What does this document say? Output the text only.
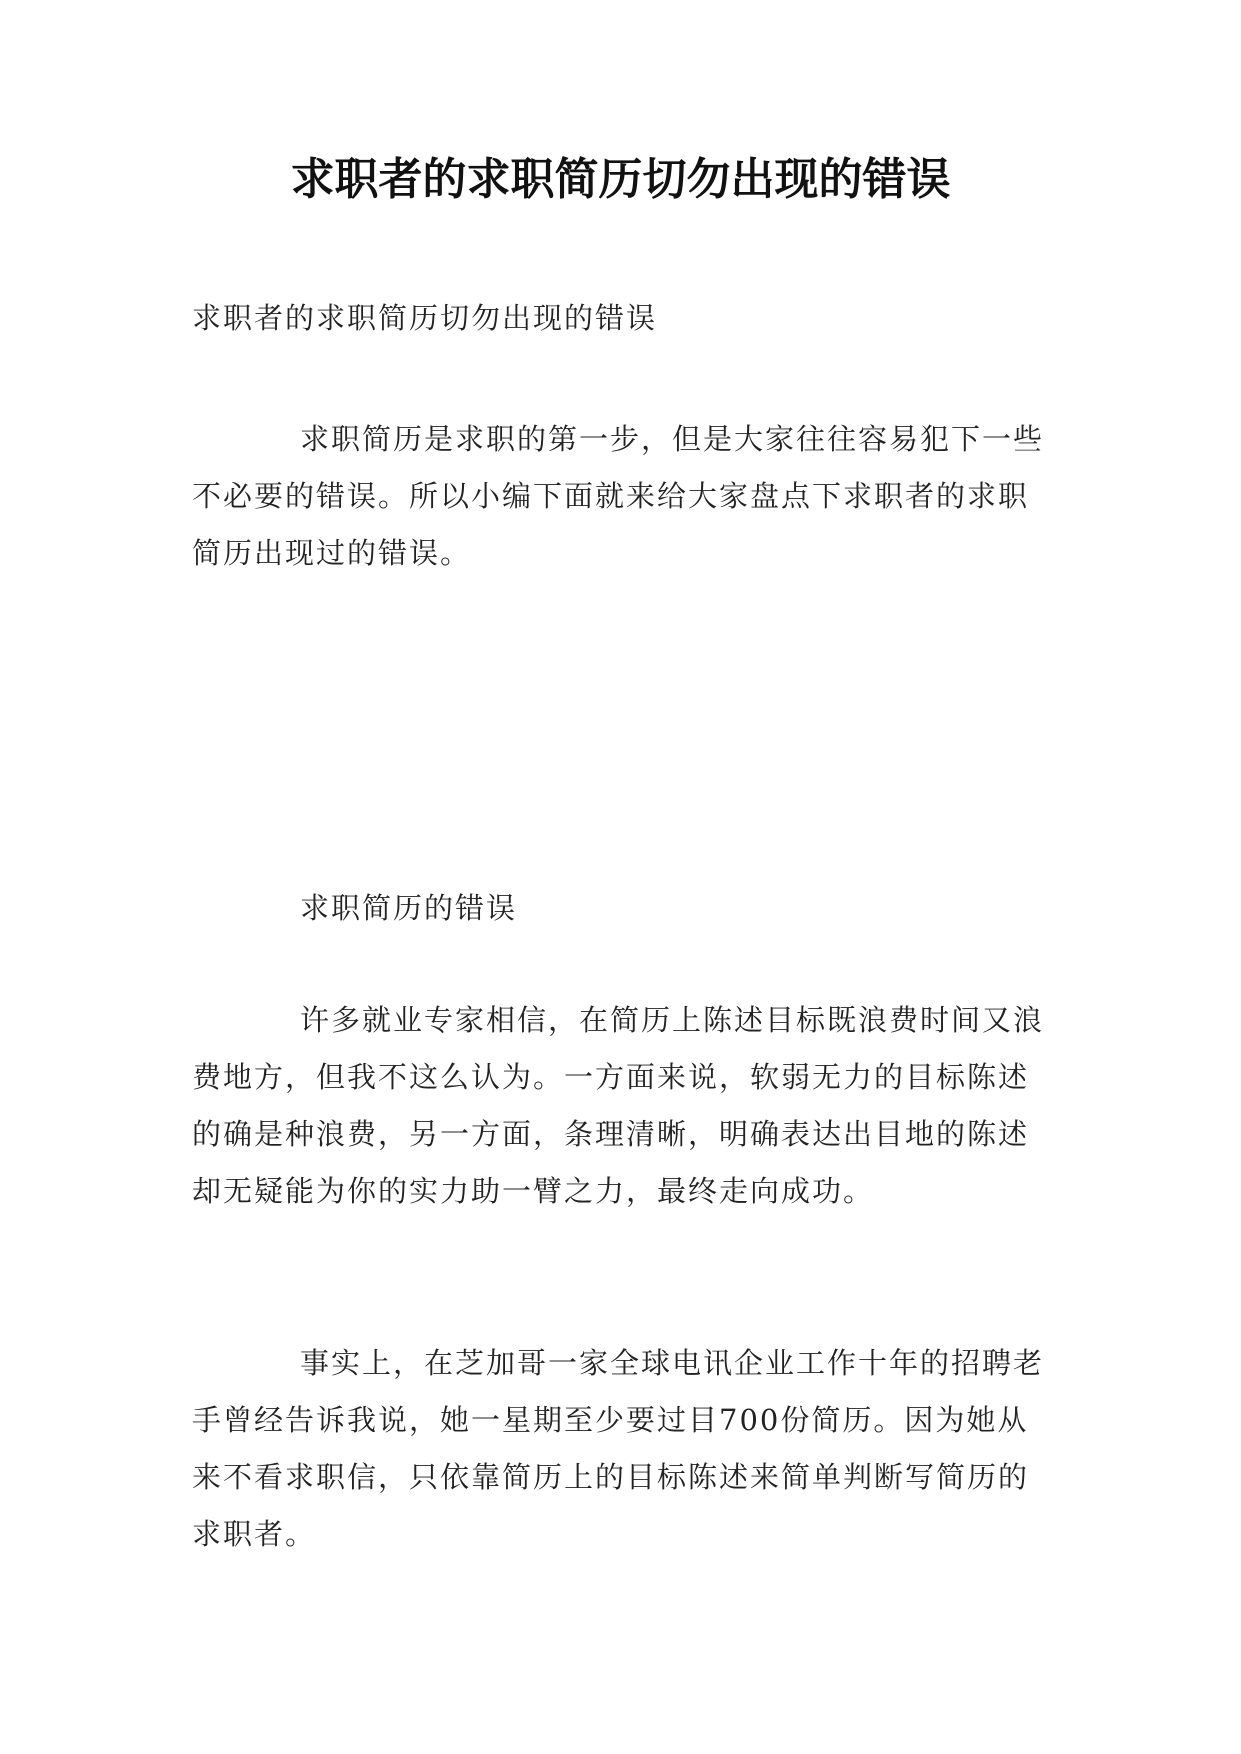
求职者的求职简历切勿出现的错误

求职者的求职简历切勿出现的错误

求职简历是求职的第一步，但是大家往往容易犯下一些不必要的错误。所以小编下面就来给大家盘点下求职者的求职简历出现过的错误。

求职简历的错误

许多就业专家相信，在简历上陈述目标既浪费时间又浪费地方，但我不这么认为。一方面来说，软弱无力的目标陈述的确是种浪费，另一方面，条理清晰，明确表达出目地的陈述却无疑能为你的实力助一臂之力，最终走向成功。

事实上，在芝加哥一家全球电讯企业工作十年的招聘老手曾经告诉我说，她一星期至少要过目700份简历。因为她从来不看求职信，只依靠简历上的目标陈述来简单判断写简历的求职者。
